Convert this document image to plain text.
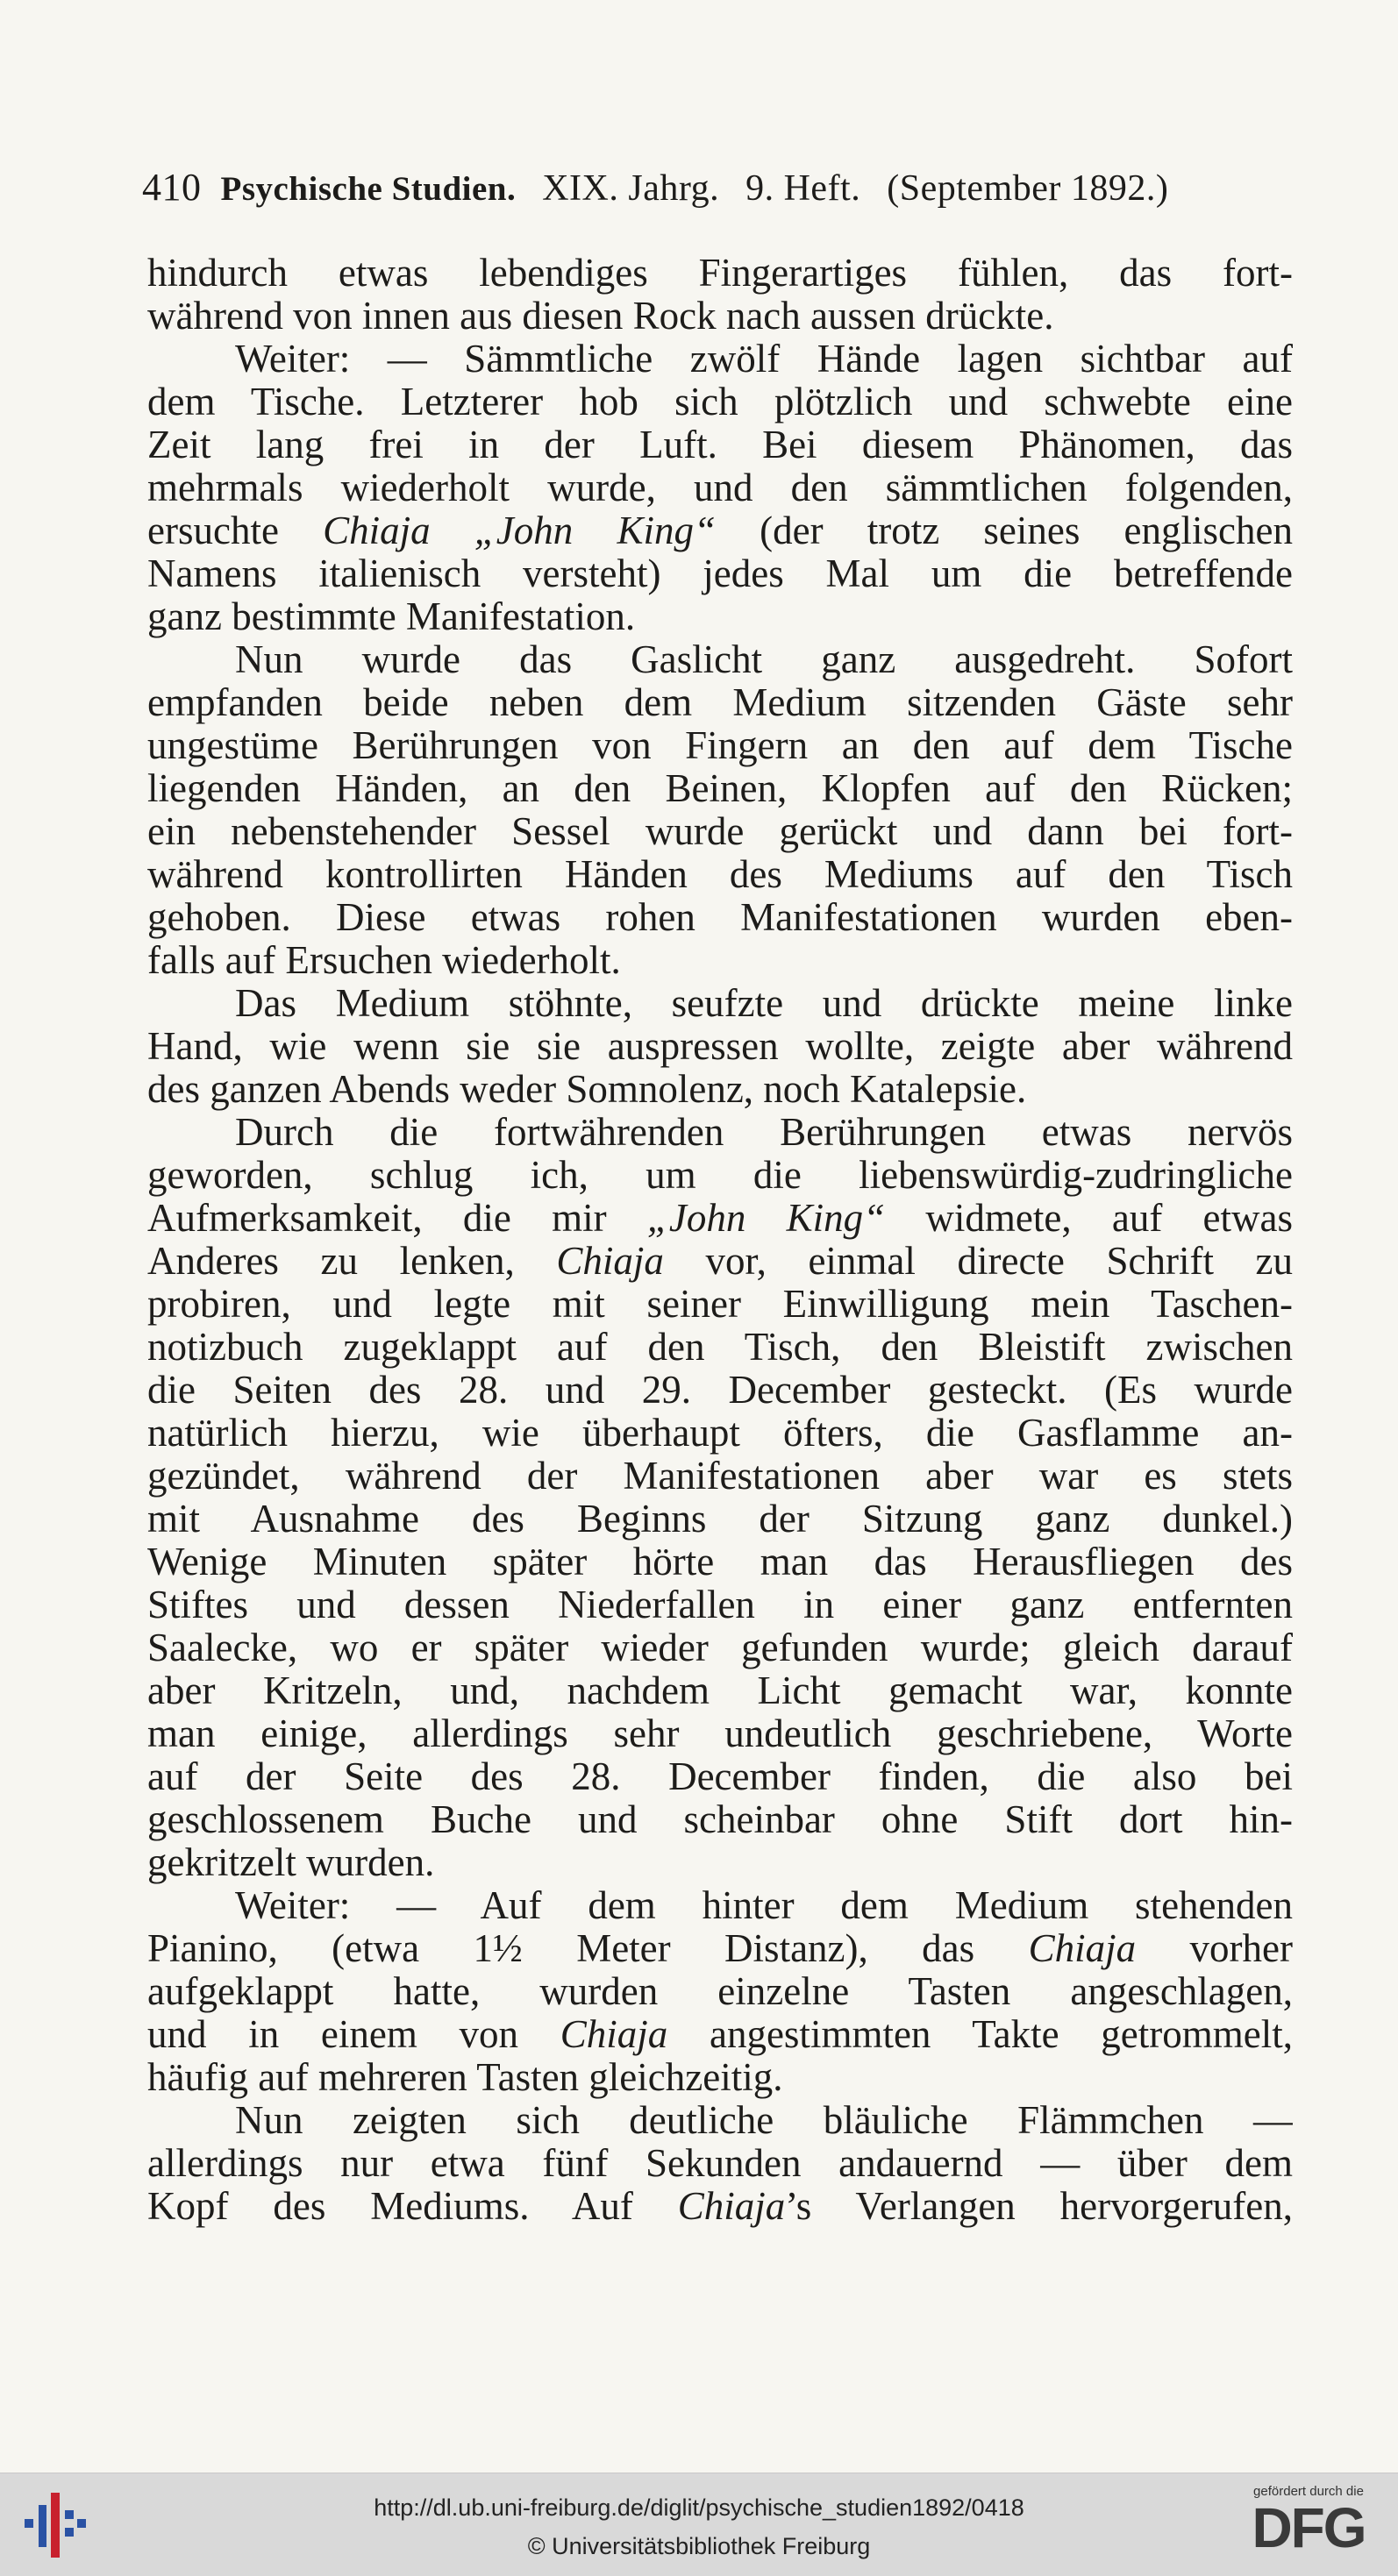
410 Psychische Studien. XIX. Jahrg. 9. Heft. (September 1892.)
hindurch etwas lebendiges Fingerartiges fühlen, das fort-
während von innen aus diesen Rock nach aussen drückte.
Weiter: — Sämmtliche zwölf Hände lagen sichtbar auf
dem Tische. Letzterer hob sich plötzlich und schwebte eine
Zeit lang frei in der Luft. Bei diesem Phänomen, das
mehrmals wiederholt wurde, und den sämmtlichen folgenden,
ersuchte Chiaja „John King“ (der trotz seines englischen
Namens italienisch versteht) jedes Mal um die betreffende
ganz bestimmte Manifestation.
Nun wurde das Gaslicht ganz ausgedreht. Sofort
empfanden beide neben dem Medium sitzenden Gäste sehr
ungestüme Berührungen von Fingern an den auf dem Tische
liegenden Händen, an den Beinen, Klopfen auf den Rücken;
ein nebenstehender Sessel wurde gerückt und dann bei fort-
während kontrollirten Händen des Mediums auf den Tisch
gehoben. Diese etwas rohen Manifestationen wurden eben-
falls auf Ersuchen wiederholt.
Das Medium stöhnte, seufzte und drückte meine linke
Hand, wie wenn sie sie auspressen wollte, zeigte aber während
des ganzen Abends weder Somnolenz, noch Katalepsie.
Durch die fortwährenden Berührungen etwas nervös
geworden, schlug ich, um die liebenswürdig-zudringliche
Aufmerksamkeit, die mir „John King“ widmete, auf etwas
Anderes zu lenken, Chiaja vor, einmal directe Schrift zu
probiren, und legte mit seiner Einwilligung mein Taschen-
notizbuch zugeklappt auf den Tisch, den Bleistift zwischen
die Seiten des 28. und 29. December gesteckt. (Es wurde
natürlich hierzu, wie überhaupt öfters, die Gasflamme an-
gezündet, während der Manifestationen aber war es stets
mit Ausnahme des Beginns der Sitzung ganz dunkel.)
Wenige Minuten später hörte man das Herausfliegen des
Stiftes und dessen Niederfallen in einer ganz entfernten
Saalecke, wo er später wieder gefunden wurde; gleich darauf
aber Kritzeln, und, nachdem Licht gemacht war, konnte
man einige, allerdings sehr undeutlich geschriebene, Worte
auf der Seite des 28. December finden, die also bei
geschlossenem Buche und scheinbar ohne Stift dort hin-
gekritzelt wurden.
Weiter: — Auf dem hinter dem Medium stehenden
Pianino, (etwa 1½ Meter Distanz), das Chiaja vorher
aufgeklappt hatte, wurden einzelne Tasten angeschlagen,
und in einem von Chiaja angestimmten Takte getrommelt,
häufig auf mehreren Tasten gleichzeitig.
Nun zeigten sich deutliche bläuliche Flämmchen —
allerdings nur etwa fünf Sekunden andauernd — über dem
Kopf des Mediums. Auf Chiaja’s Verlangen hervorgerufen,
http://dl.ub.uni-freiburg.de/diglit/psychische_studien1892/0418
© Universitätsbibliothek Freiburg
gefördert durch die
DFG
